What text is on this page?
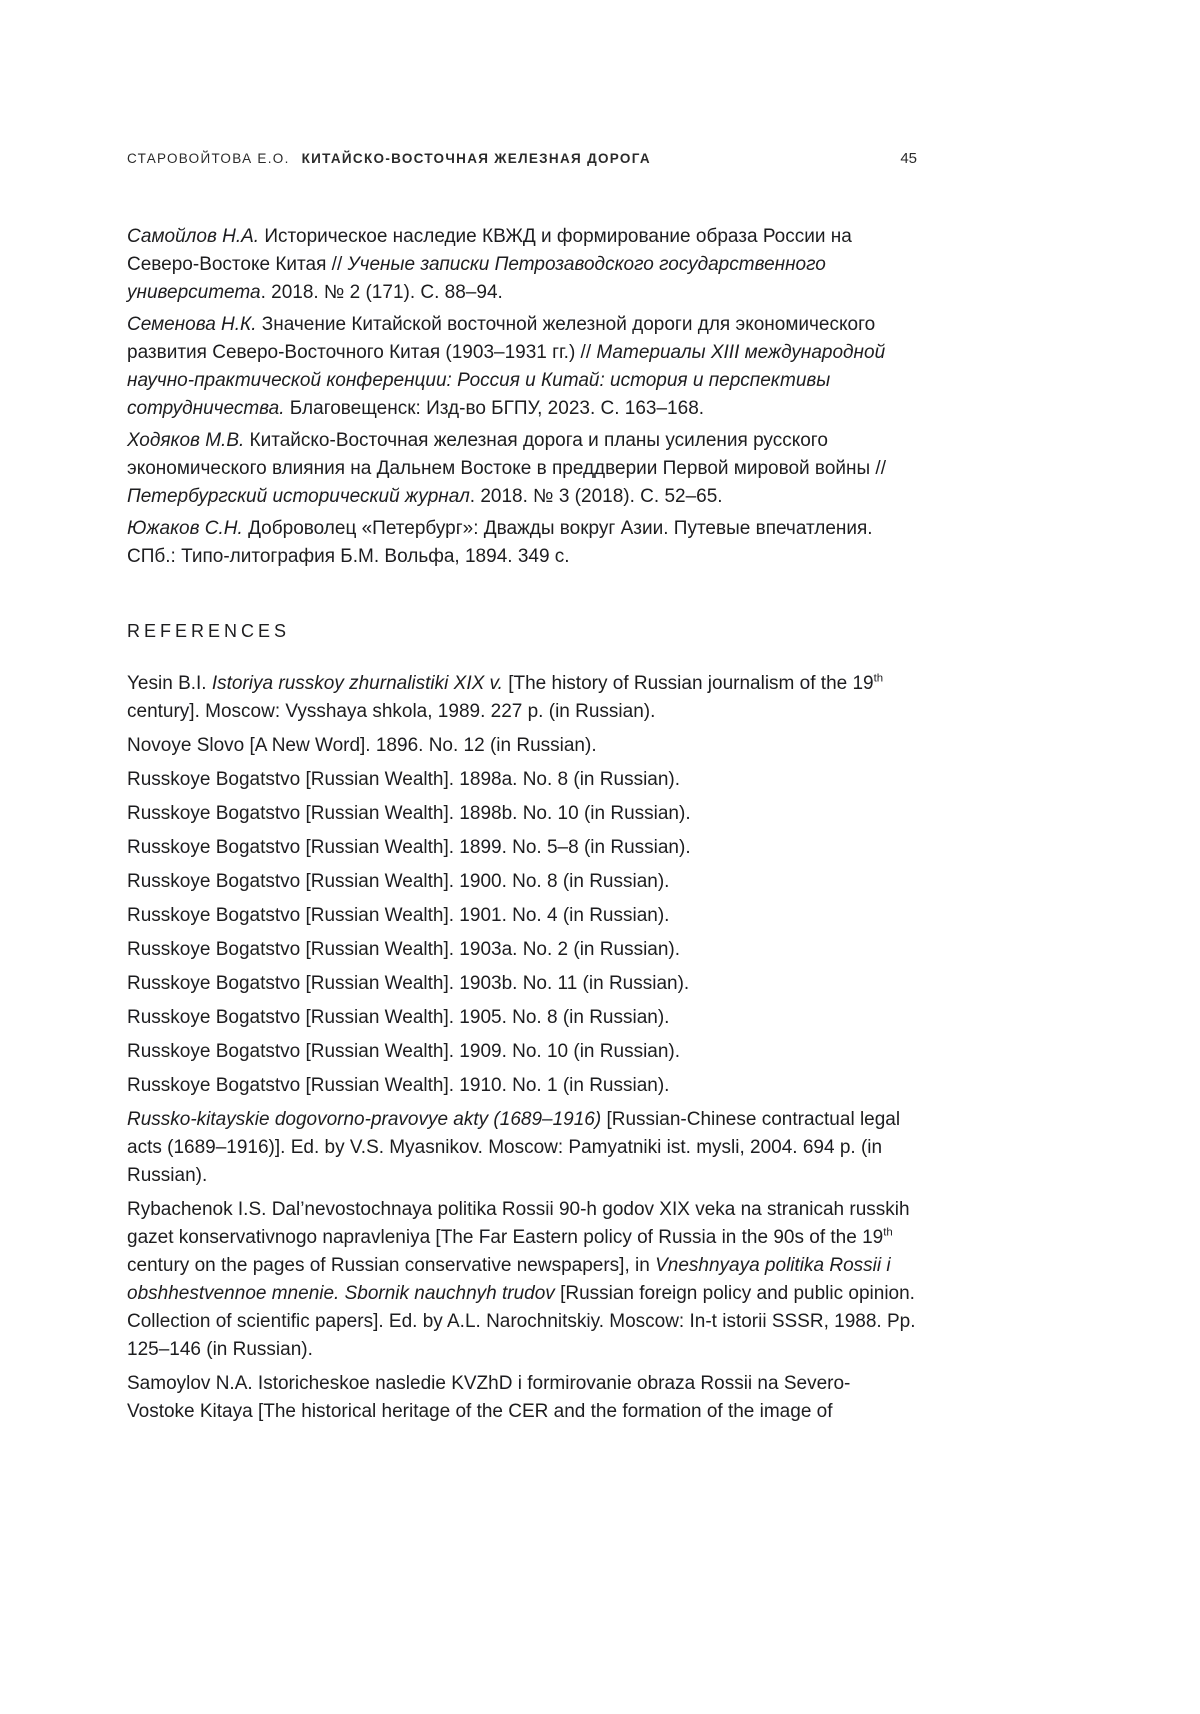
СТАРОВОЙТОВА Е.О. КИТАЙСКО-ВОСТОЧНАЯ ЖЕЛЕЗНАЯ ДОРОГА	45

Самойлов Н.А. Историческое наследие КВЖД и формирование образа России на Северо-Востоке Китая // Ученые записки Петрозаводского государственного университета. 2018. № 2 (171). С. 88–94.

Семенова Н.К. Значение Китайской восточной железной дороги для экономического развития Северо-Восточного Китая (1903–1931 гг.) // Материалы XIII международной научно-практической конференции: Россия и Китай: история и перспективы сотрудничества. Благовещенск: Изд-во БГПУ, 2023. С. 163–168.

Ходяков М.В. Китайско-Восточная железная дорога и планы усиления русского экономического влияния на Дальнем Востоке в преддверии Первой мировой войны // Петербургский исторический журнал. 2018. № 3 (2018). С. 52–65.

Южаков С.Н. Доброволец «Петербург»: Дважды вокруг Азии. Путевые впечатления. СПб.: Типо-литография Б.М. Вольфа, 1894. 349 с.

REFERENCES

Yesin B.I. Istoriya russkoy zhurnalistiki XIX v. [The history of Russian journalism of the 19th century]. Moscow: Vysshaya shkola, 1989. 227 p. (in Russian).

Novoye Slovo [A New Word]. 1896. No. 12 (in Russian).

Russkoye Bogatstvo [Russian Wealth]. 1898a. No. 8 (in Russian).

Russkoye Bogatstvo [Russian Wealth]. 1898b. No. 10 (in Russian).

Russkoye Bogatstvo [Russian Wealth]. 1899. No. 5–8 (in Russian).

Russkoye Bogatstvo [Russian Wealth]. 1900. No. 8 (in Russian).

Russkoye Bogatstvo [Russian Wealth]. 1901. No. 4 (in Russian).

Russkoye Bogatstvo [Russian Wealth]. 1903a. No. 2 (in Russian).

Russkoye Bogatstvo [Russian Wealth]. 1903b. No. 11 (in Russian).

Russkoye Bogatstvo [Russian Wealth]. 1905. No. 8 (in Russian).

Russkoye Bogatstvo [Russian Wealth]. 1909. No. 10 (in Russian).

Russkoye Bogatstvo [Russian Wealth]. 1910. No. 1 (in Russian).

Russko-kitayskie dogovorno-pravovye akty (1689–1916) [Russian-Chinese contractual legal acts (1689–1916)]. Ed. by V.S. Myasnikov. Moscow: Pamyatniki ist. mysli, 2004. 694 p. (in Russian).

Rybachenok I.S. Dal’nevostochnaya politika Rossii 90-h godov XIX veka na stranicah russkih gazet konservativnogo napravleniya [The Far Eastern policy of Russia in the 90s of the 19th century on the pages of Russian conservative newspapers], in Vneshnyaya politika Rossii i obshhestvennoe mnenie. Sbornik nauchnyh trudov [Russian foreign policy and public opinion. Collection of scientific papers]. Ed. by A.L. Narochnitskiy. Moscow: In-t istorii SSSR, 1988. Pp. 125–146 (in Russian).

Samoylov N.A. Istoricheskoe nasledie KVZhD i formirovanie obraza Rossii na Severo-Vostoke Kitaya [The historical heritage of the CER and the formation of the image of
